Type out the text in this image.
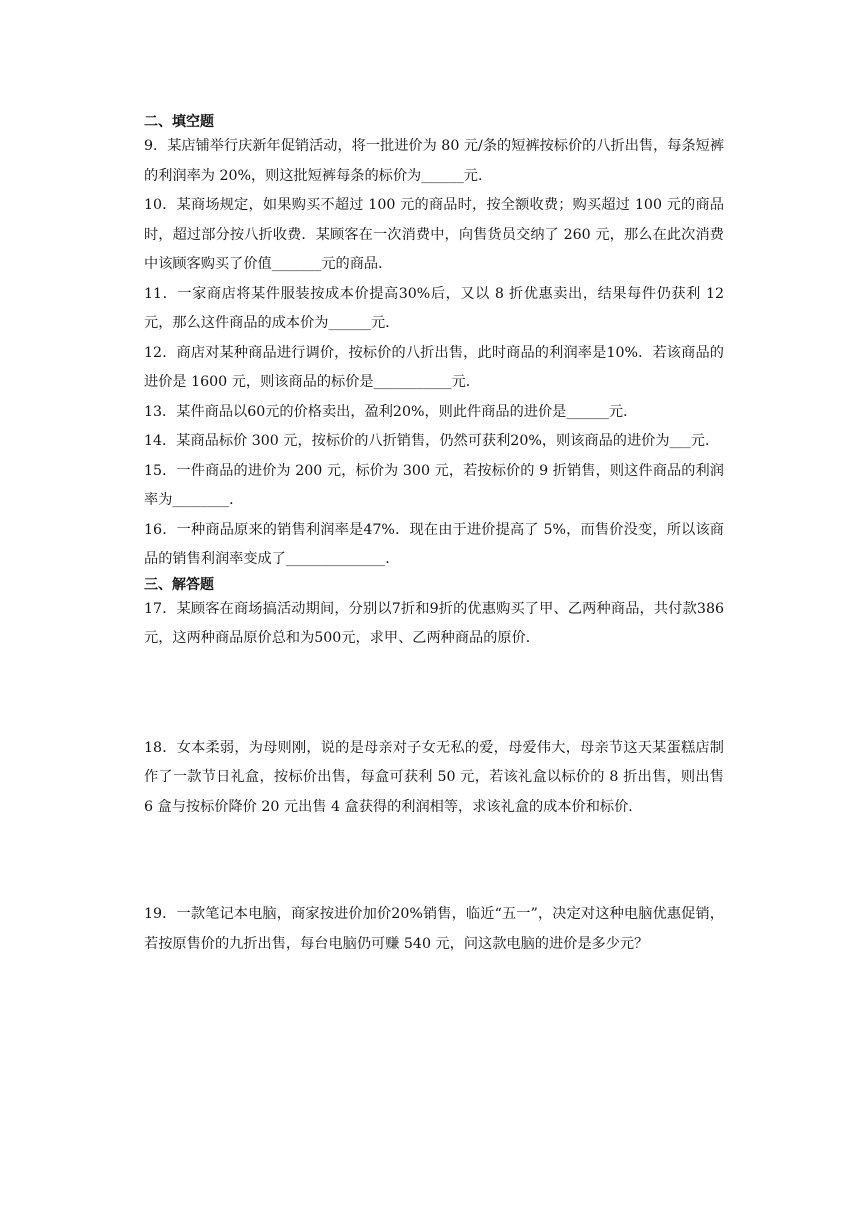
二、填空题

9．某店铺举行庆新年促销活动，将一批进价为 80 元/条的短裤按标价的八折出售，每条短裤的利润率为 20%，则这批短裤每条的标价为______元.

10．某商场规定，如果购买不超过 100 元的商品时，按全额收费；购买超过 100 元的商品时，超过部分按八折收费．某顾客在一次消费中，向售货员交纳了 260 元，那么在此次消费中该顾客购买了价值_______元的商品．

11．一家商店将某件服装按成本价提高30%后，又以 8 折优惠卖出，结果每件仍获利 12 元，那么这件商品的成本价为______元．

12．商店对某种商品进行调价，按标价的八折出售，此时商品的利润率是10%．若该商品的进价是 1600 元，则该商品的标价是___________元．

13．某件商品以60元的价格卖出，盈利20%，则此件商品的进价是______元．

14．某商品标价 300 元，按标价的八折销售，仍然可获利20%，则该商品的进价为___元．

15．一件商品的进价为 200 元，标价为 300 元，若按标价的 9 折销售，则这件商品的利润率为________．

16．一种商品原来的销售利润率是47%．现在由于进价提高了 5%，而售价没变，所以该商品的销售利润率变成了______________．

三、解答题

17．某顾客在商场搞活动期间，分别以7折和9折的优惠购买了甲、乙两种商品，共付款386元，这两种商品原价总和为500元，求甲、乙两种商品的原价．

18．女本柔弱，为母则刚，说的是母亲对子女无私的爱，母爱伟大，母亲节这天某蛋糕店制作了一款节日礼盒，按标价出售，每盒可获利 50 元，若该礼盒以标价的 8 折出售，则出售 6 盒与按标价降价 20 元出售 4 盒获得的利润相等，求该礼盒的成本价和标价．

19．一款笔记本电脑，商家按进价加价20%销售，临近“五一”，决定对这种电脑优惠促销，若按原售价的九折出售，每台电脑仍可赚 540 元，问这款电脑的进价是多少元？
